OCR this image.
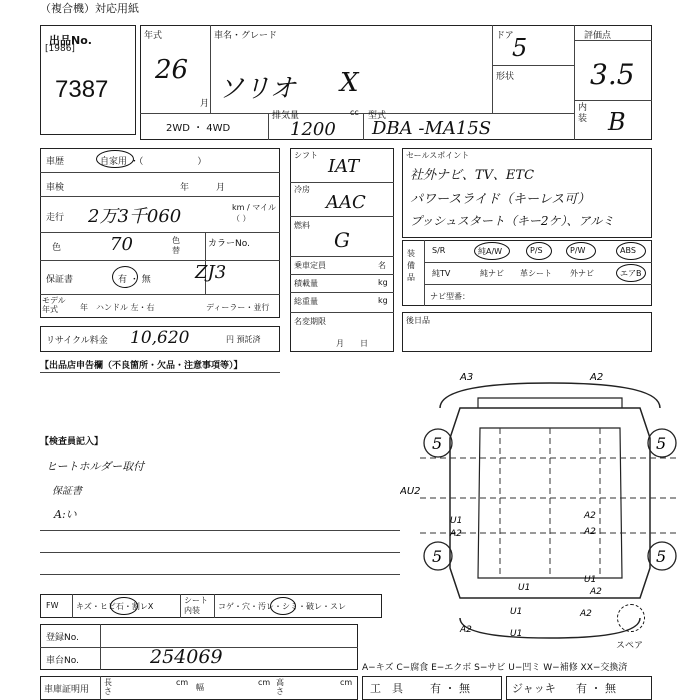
（複合機）対応用紙
出品No.
[1986]
7387
年式
26
月
車名・グレード
ソリオ X
ドア
5
形状
評価点
3.5
内装 B
2WD ・ 4WD
排気量	cc
1200
型式
DBA -MA15S
車歴	自家用 ・（　　　　　　）
車検	年　　　月
走行 2万3千060	km / マイル（ ）
色	70	色替
カラーNo.
ZJ3
保証書	有 ・ 無
モデル年式	年 ハンドル 左・右	ディーラー・並行
リサイクル料金 10,620	円 預託済
シフト
IAT
冷房
AAC
燃料
G
乗車定員	名
積載量	kg
総重量	kg
名変期限
月　　日
セールスポイント
社外ナビ、TV、ETC
パワースライド（キーレス可）
プッシュスタート（キー2ケ）、アルミ
装備品
S/R	純A/W	P/S	P/W	ABS
純TV	純ナビ 革シート 外ナビ	エアB
ナビ型番：
後日品
【出品店申告欄（不良箇所・欠品・注意事項等）】
【検査員記入】
ヒートホルダー取付
保証書
A:い
5	5
5	5
A3	A2
AU2
U1
A2
A2
A2
U1
U1
A2
U1
A2
A2
U1
スペア
FW キズ・ヒビ石・割レX
シート内装	コゲ・穴・汚レ・シミ・破レ・スレ
登録No.
車台No.	254069	A−キズ C−腐食 E−エクボ S−サビ U−凹ミ W−補修 XX−交換済
車庫証明用
長さ
cm
幅
cm 高さ
cm 工　具 有 ・ 無	ジャッキ 有 ・ 無
